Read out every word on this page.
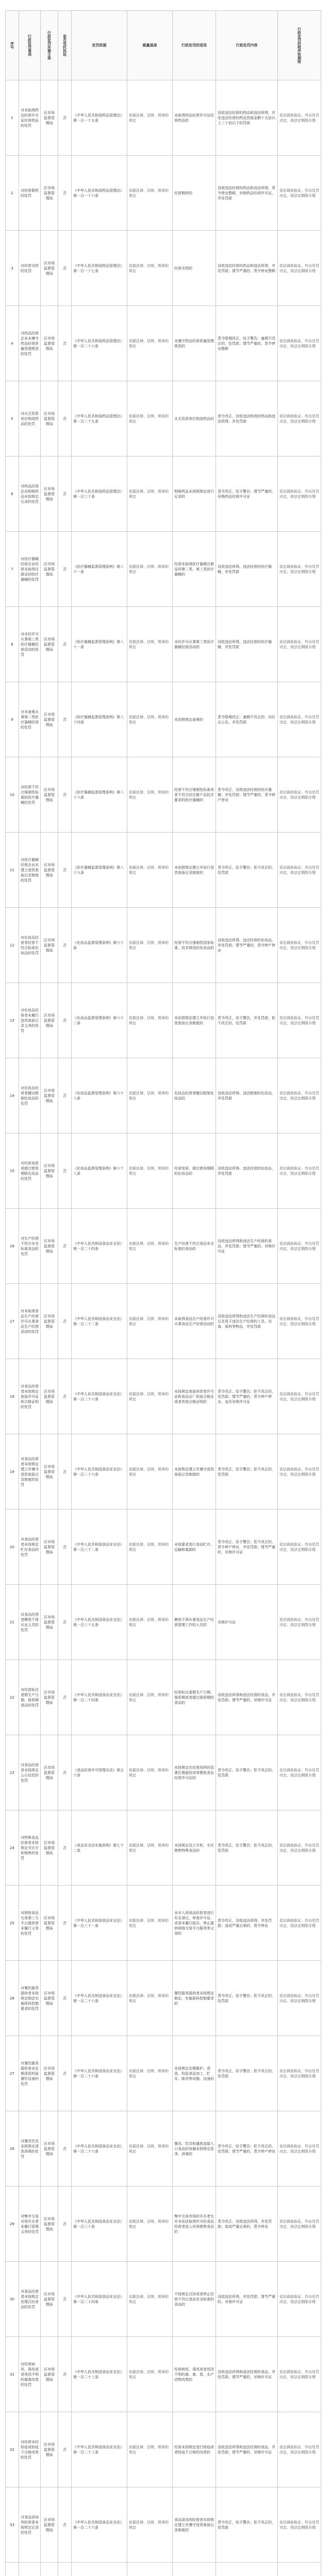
序号	行政处罚事项	行政处罚实施主体	是否受托执法	处罚依据	裁量基准	行政处罚的适用	行政处罚内容	行政处罚的程序和期限

1	对未取得药品经营许可证经营药品的处罚	区市场监督管理局	否	《中华人民共和国药品管理法》第一百一十五条	依据法律、法规、规章的规定	未取得药品经营许可证经营药品的	没收违法经营的药品和违法所得，并处违法经营的药品货值金额十五倍以上三十倍以下的罚款	依法调查取证，作出处罚决定，按法定期限办理
2	对经营假药的处罚	区市场监督管理局	否	《中华人民共和国药品管理法》第一百一十六条	依据法律、法规、规章的规定	经营假药的	没收违法经营的药品和违法所得，责令停业整顿，吊销药品经营许可证，并处罚款	依法调查取证，作出处罚决定，按法定期限办理
3	对经营劣药的处罚	区市场监督管理局	否	《中华人民共和国药品管理法》第一百一十七条	依据法律、法规、规章的规定	经营劣药的	没收违法经营的药品和违法所得，并处罚款；情节严重的，责令停业整顿	依法调查取证，作出处罚决定，按法定期限办理
4	对药品经营企业未遵守药品经营质量管理规范的处罚	区市场监督管理局	否	《中华人民共和国药品管理法》第一百二十六条	依据法律、法规、规章的规定	未遵守药品经营质量管理规范的	责令限期改正，给予警告；逾期不改正的，处罚款；情节严重的，责令停业整顿	依法调查取证，作出处罚决定，按法定期限办理
5	对从无资质单位购进药品的处罚	区市场监督管理局	否	《中华人民共和国药品管理法》第一百二十九条	依据法律、法规、规章的规定	从无资质单位购进药品的	责令改正，没收违法购进的药品和违法所得，并处罚款	依法调查取证，作出处罚决定，按法定期限办理
6	对药品经营企业购销药品未按规定记录的处罚	区市场监督管理局	否	《中华人民共和国药品管理法》第一百三十条	依据法律、法规、规章的规定	购销药品未按照规定进行记录的	责令改正，给予警告；情节严重的，吊销药品经营许可证	依法调查取证，作出处罚决定，按法定期限办理
7	对医疗器械经营企业经营未取得注册证的医疗器械的处罚	区市场监督管理局	否	《医疗器械监督管理条例》第八十一条	依据法律、法规、规章的规定	经营未取得医疗器械注册证的第二类、第三类医疗器械的	没收违法所得、违法经营的医疗器械，并处罚款	依法调查取证，作出处罚决定，按法定期限办理
8	对未经许可从事第三类医疗器械经营活动的处罚	区市场监督管理局	否	《医疗器械监督管理条例》第八十一条	依据法律、法规、规章的规定	未经许可从事第三类医疗器械经营活动的	没收违法所得、违法经营的医疗器械，并处罚款	依法调查取证，作出处罚决定，按法定期限办理
9	对未备案从事第二类医疗器械经营的处罚	区市场监督管理局	否	《医疗器械监督管理条例》第八十四条	依据法律、法规、规章的规定	未依照规定备案的	责令限期改正；逾期不改正的，向社会公告，并处罚款	依法调查取证，作出处罚决定，按法定期限办理
10	对经营不符合强制性标准的医疗器械的处罚	区市场监督管理局	否	《医疗器械监督管理条例》第八十六条	依据法律、法规、规章的规定	经营不符合强制性标准或者不符合经注册产品技术要求的医疗器械的	责令改正，没收违法经营的医疗器械，并处罚款；情节严重的，责令停产停业	依法调查取证，作出处罚决定，按法定期限办理
11	对医疗器械经营企业未建立进货查验记录制度的处罚	区市场监督管理局	否	《医疗器械监督管理条例》第八十九条	依据法律、法规、规章的规定	未依照规定建立并执行进货查验记录制度的	责令改正，给予警告；拒不改正的，处罚款	依法调查取证，作出处罚决定，按法定期限办理
12	对化妆品经营者经营不符合标准化妆品的处罚	区市场监督管理局	否	《化妆品监督管理条例》第六十条	依据法律、法规、规章的规定	经营不符合强制性国家标准、技术规范的化妆品的	没收违法所得、违法经营的化妆品，并处罚款；情节严重的，责令停产停业	依法调查取证，作出处罚决定，按法定期限办理
13	对化妆品经营者未履行进货查验记录义务的处罚	区市场监督管理局	否	《化妆品监督管理条例》第六十二条	依据法律、法规、规章的规定	未依照规定建立并执行进货查验记录制度的	责令改正，给予警告，并处罚款；拒不改正的，处罚款	依法调查取证，作出处罚决定，按法定期限办理
14	对化妆品经营者擅自配制化妆品的处罚	区市场监督管理局	否	《化妆品监督管理条例》第六十八条	依据法律、法规、规章的规定	化妆品经营者擅自配制化妆品的	没收违法所得、违法配制的化妆品，并处罚款	依法调查取证，作出处罚决定，按法定期限办理
15	对经营变质或超过使用期限化妆品的处罚	区市场监督管理局	否	《化妆品监督管理条例》第六十八条	依据法律、法规、规章的规定	经营变质、超过使用期限的化妆品的	没收违法所得、违法经营的化妆品，并处罚款	依法调查取证，作出处罚决定，按法定期限办理
16	对生产经营不符合安全标准食品的处罚	区市场监督管理局	否	《中华人民共和国食品安全法》第一百二十四条	依据法律、法规、规章的规定	生产经营不符合食品安全标准的食品的	没收违法所得和违法生产经营的食品，并处罚款；情节严重的，吊销许可证	依法调查取证，作出处罚决定，按法定期限办理
17	对未取得食品生产经营许可从事食品生产经营活动的处罚	区市场监督管理局	否	《中华人民共和国食品安全法》第一百二十二条	依据法律、法规、规章的规定	未取得食品生产经营许可从事食品生产经营活动的	没收违法所得和违法生产经营的食品以及用于违法生产经营的工具、设备、原料等物品，并处罚款	依法调查取证，作出处罚决定，按法定期限办理
18	对食品经营者未按规定查验许可证和合格证明的处罚	区市场监督管理局	否	《中华人民共和国食品安全法》第一百二十六条	依据法律、法规、规章的规定	未按规定查验供货者许可证和食品出厂检验合格证或者其他合格证明的	责令改正，给予警告；拒不改正的，处罚款；情节严重的，责令停产停业，直至吊销许可证	依法调查取证，作出处罚决定，按法定期限办理
19	对食品经营者未按规定建立并遵守进货查验记录制度的处罚	区市场监督管理局	否	《中华人民共和国食品安全法》第一百二十六条	依据法律、法规、规章的规定	未按规定建立并遵守进货查验记录制度的	责令改正，给予警告；拒不改正的，处罚款	依法调查取证，作出处罚决定，按法定期限办理
20	对食品经营者未按规定贮存食品的处罚	区市场监督管理局	否	《中华人民共和国食品安全法》第一百三十二条	依据法律、法规、规章的规定	未按要求进行食品贮存、运输和装卸的	责令改正，给予警告；拒不改正的，责令停产停业，并处罚款；情节严重的，吊销许可证	依法调查取证，作出处罚决定，按法定期限办理
21	对食品经营者聘用不得从业人员的处罚	区市场监督管理局	否	《中华人民共和国食品安全法》第一百三十五条	依据法律、法规、规章的规定	聘用不得从事食品生产经营管理工作的人员的	吊销许可证	依法调查取证，作出处罚决定，按法定期限办理
22	对经营标注虚假生产日期、保质期食品的处罚	区市场监督管理局	否	《中华人民共和国食品安全法》第一百二十四条	依据法律、法规、规章的规定	经营标注虚假生产日期、保质期或者超过保质期的食品的	没收违法所得和违法经营的食品，并处罚款；情节严重的，吊销许可证	依法调查取证，作出处罚决定，按法定期限办理
23	对食品经营者未按规定公示信息的处罚	区市场监督管理局	否	《食品经营许可管理办法》第五十条	依据法律、法规、规章的规定	未按规定在经营场所的显著位置悬挂或者摆放食品经营许可证的	责令改正，给予警告；拒不改正的，处罚款	依法调查取证，作出处罚决定，按法定期限办理
24	对特殊食品经营者未按规定专区专柜销售的处罚	区市场监督管理局	否	《食品安全法实施条例》第七十二条	依据法律、法规、规章的规定	未按规定设立专柜、专区销售特殊食品的	责令改正，给予警告；拒不改正的，处罚款	依法调查取证，作出处罚决定，按法定期限办理
25	对网络食品交易第三方平台提供者未履行义务的处罚	区市场监督管理局	否	《中华人民共和国食品安全法》第一百三十一条	依据法律、法规、规章的规定	未对入网食品经营者进行实名登记、审查许可证，或者未履行报告、停止提供网络交易平台服务等义务的	责令改正，没收违法所得，并处罚款；造成严重后果的，责令停业	依法调查取证，作出处罚决定，按法定期限办理
26	对餐饮服务提供者未按规定制定实施原料控制要求的处罚	区市场监督管理局	否	《中华人民共和国食品安全法》第一百二十六条	依据法律、法规、规章的规定	餐饮服务提供者未按规定制定、实施原料控制要求的	责令改正，给予警告；拒不改正的，处罚款	依法调查取证，作出处罚决定，按法定期限办理
27	对餐饮服务提供者未定期清洗校验餐饮设备的处罚	区市场监督管理局	否	《中华人民共和国食品安全法》第一百二十六条	依据法律、法规、规章的规定	未按规定定期维护、清洗、校验食品加工、贮存、陈列等设施、设备的	责令改正，给予警告；拒不改正的，处罚款	依法调查取证，作出处罚决定，按法定期限办理
28	对餐具饮具未按规定清洗消毒的处罚	区市场监督管理局	否	《中华人民共和国食品安全法》第一百二十六条	依据法律、法规、规章的规定	餐具、饮具和盛放直接入口食品的容器未按规定洗净、消毒的	责令改正，给予警告；拒不改正的，处罚款；情节严重的，责令停产停业	依法调查取证，作出处罚决定，按法定期限办理
29	对集中交易市场开办者未履行管理义务的处罚	区市场监督管理局	否	《中华人民共和国食品安全法》第一百三十条	依据法律、法规、规章的规定	集中交易市场的开办者允许未依法取得许可的食品经营者进入市场销售食品的	责令改正，没收违法所得，并处罚款；造成严重后果的，责令停业	依法调查取证，作出处罚决定，按法定期限办理
30	对食品经营者未按规定处理召回食品的处罚	区市场监督管理局	否	《中华人民共和国食品安全法》第一百二十四条	依据法律、法规、规章的规定	不按规定召回或者停止经营不符合食品安全标准的食品的	没收违法所得，并处罚款；情节严重的，吊销许可证	依法调查取证，作出处罚决定，按法定期限办理
31	对经营病死、毒死或者死因不明的畜禽肉类的处罚	区市场监督管理局	否	《中华人民共和国食品安全法》第一百二十三条	依据法律、法规、规章的规定	经营病死、毒死或者死因不明的禽、畜、兽、水产动物肉类的	没收违法所得和违法经营的食品，并处罚款；情节严重的，吊销许可证	依法调查取证，作出处罚决定，按法定期限办理
32	对经营未经检疫或检疫不合格肉类的处罚	区市场监督管理局	否	《中华人民共和国食品安全法》第一百二十三条	依据法律、法规、规章的规定	经营未按规定进行检疫或者检疫不合格的肉类的	没收违法所得和违法经营的食品，并处罚款；情节严重的，吊销许可证	依法调查取证，作出处罚决定，按法定期限办理
33	对食品添加剂经营者未按规定记录的处罚	区市场监督管理局	否	《中华人民共和国食品安全法》第一百二十六条	依据法律、法规、规章的规定	食品添加剂经营者未按规定建立并遵守进货查验记录制度的	责令改正，给予警告；拒不改正的，处罚款	依法调查取证，作出处罚决定，按法定期限办理
